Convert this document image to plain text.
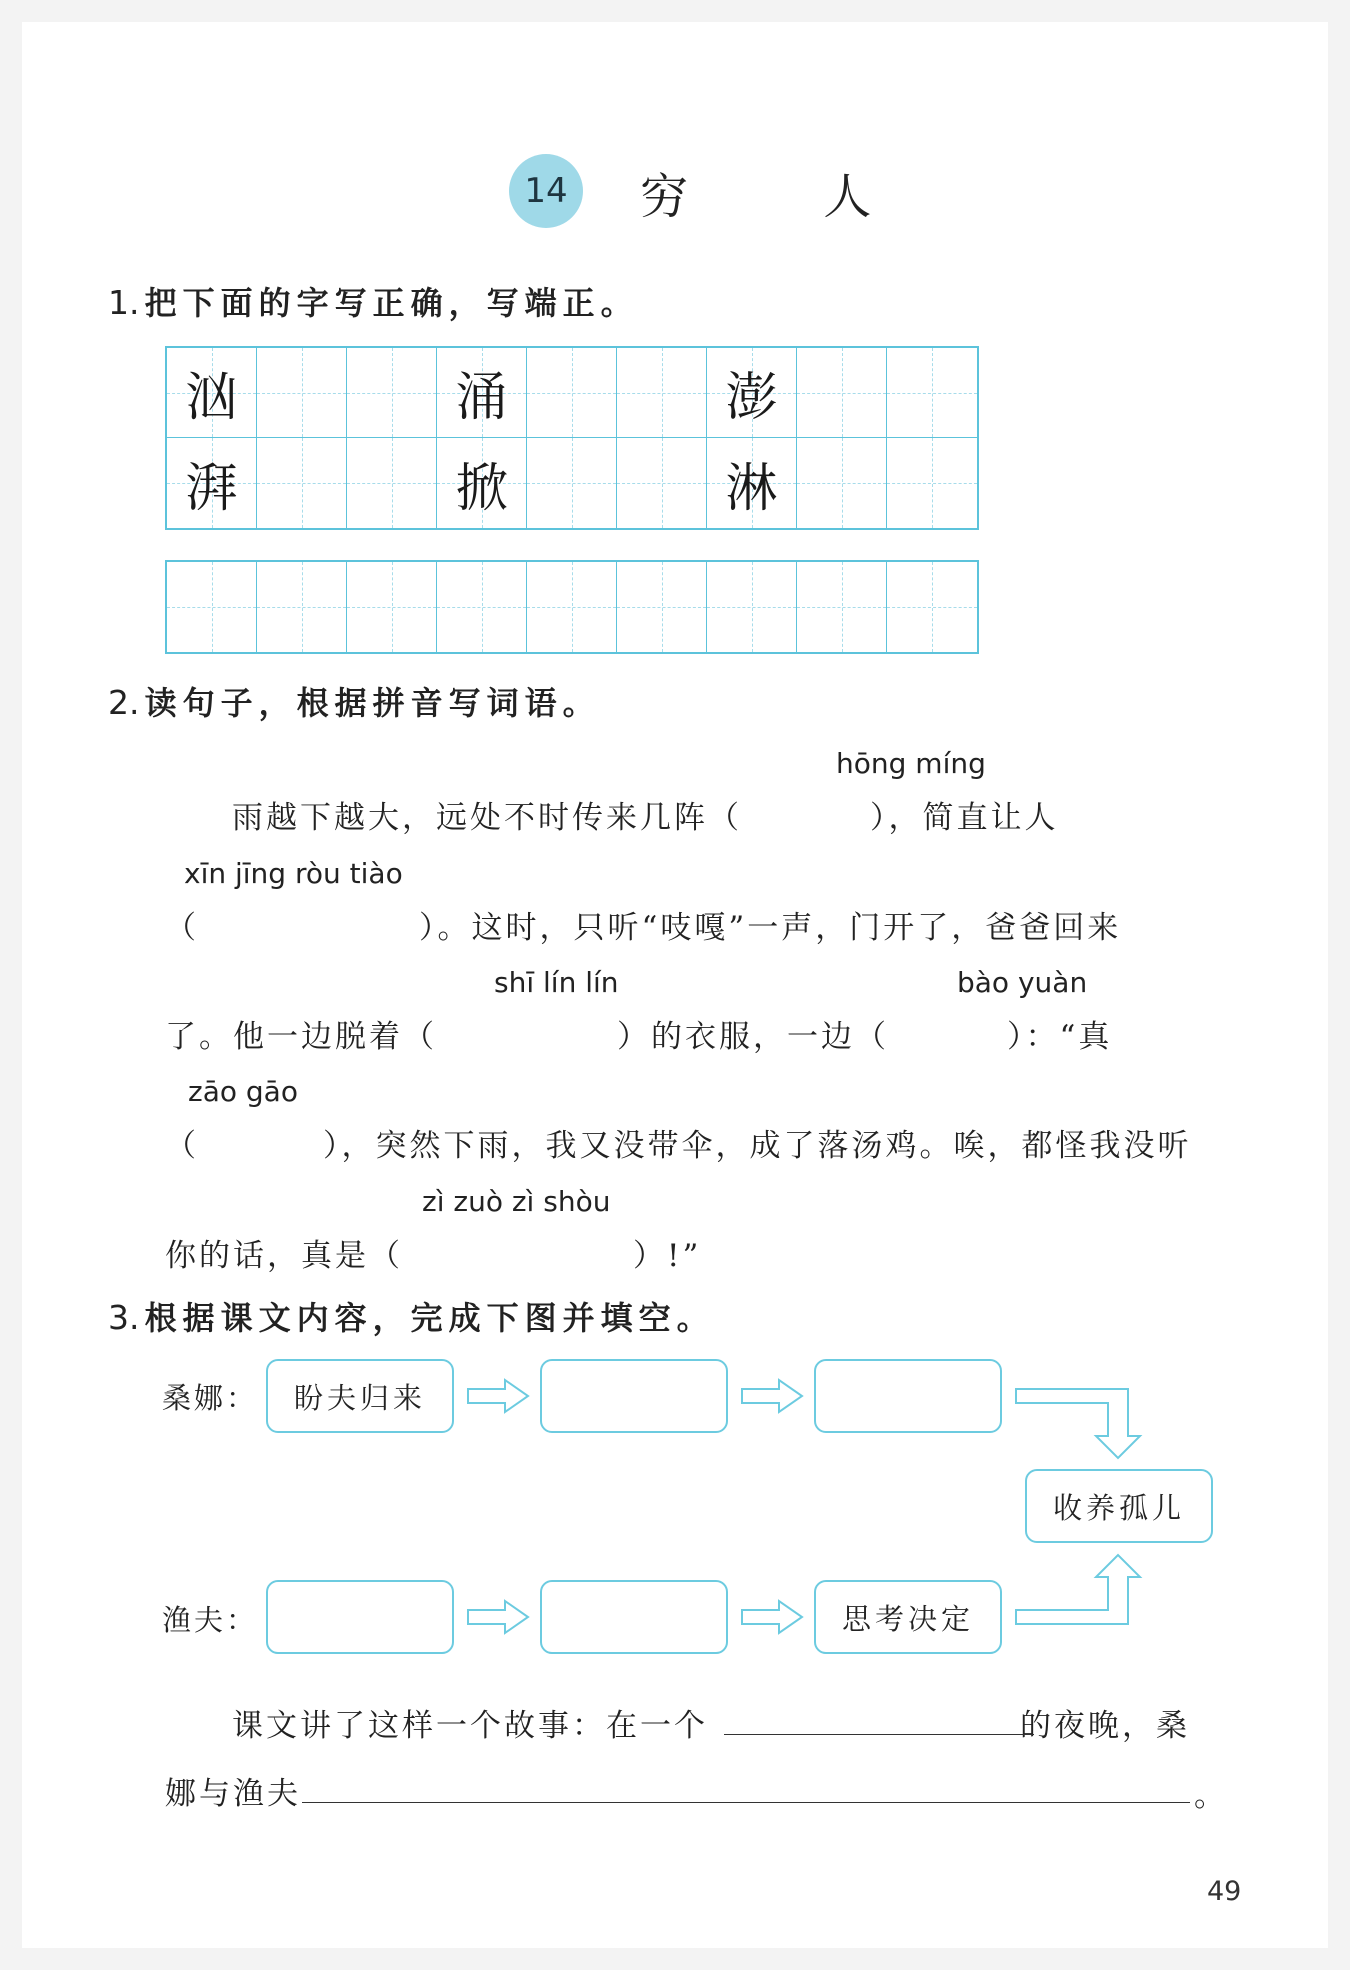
14	穷 人
1. 把下面的字写正确，写端正。
汹	涌	澎
湃	掀	淋
2. 读句子，根据拼音写词语。
hōng míng
雨越下越大，远处不时传来几阵（	），简直让人
xīn jīng ròu tiào
（	）。这时，只听“吱嘎”一声，门开了，爸爸回来
shī lín lín	bào yuàn
了。他一边脱着（	）的衣服，一边（	）：“真
zāo gāo
（	），突然下雨，我又没带伞，成了落汤鸡。唉，都怪我没听
zì zuò zì shòu
你的话，真是（	）!”
3. 根据课文内容，完成下图并填空。
桑娜：	盼夫归来
收养孤儿
渔夫：	思考决定
课文讲了这样一个故事：在一个	的夜晚，桑
娜与渔夫	。
49
